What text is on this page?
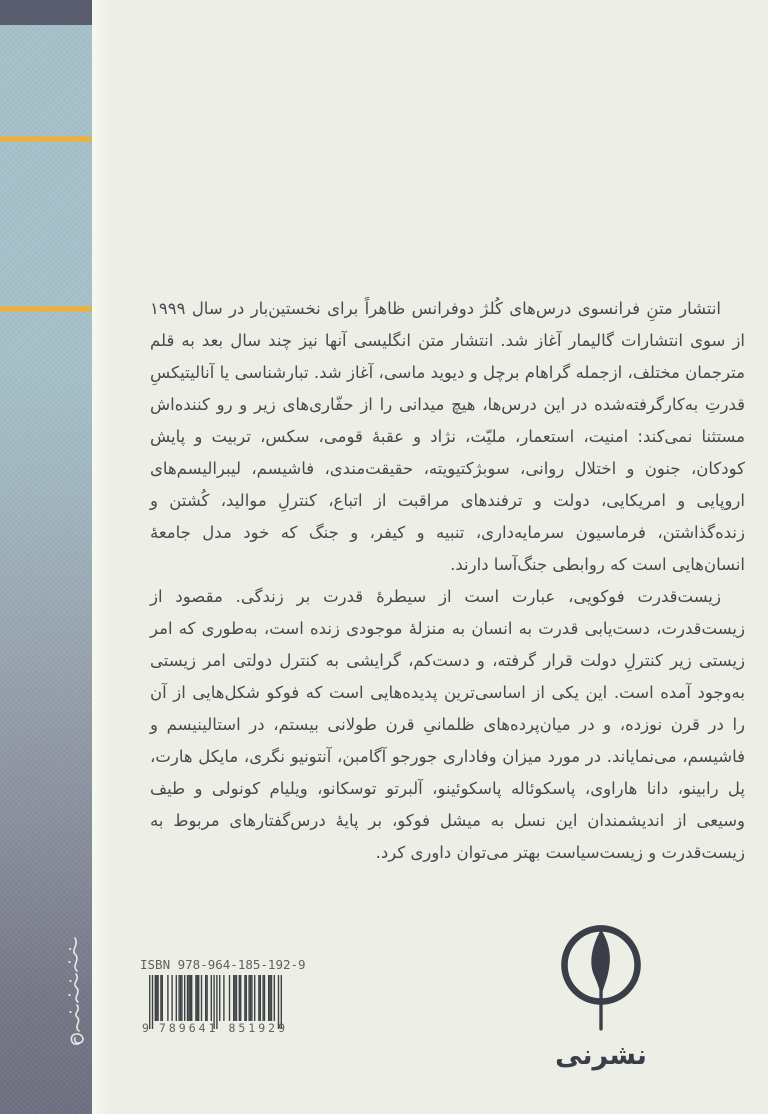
انتشار متنِ فرانسوی درس‌های کُلژ دوفرانس ظاهراً برای نخستین‌بار در سال ۱۹۹۹ از سوی انتشارات گالیمار آغاز شد. انتشار متن انگلیسی آنها نیز چند سال بعد به قلم مترجمان مختلف، ازجمله گراهام برچل و دیوید ماسی، آغاز شد. تبارشناسی یا آنالیتیکسِ قدرتِ به‌کارگرفته‌شده در این درس‌ها، هیچ میدانی را از حفّاری‌های زیر و رو کننده‌اش مستثنا نمی‌کند: امنیت، استعمار، ملیّت، نژاد و عقبهٔ قومی، سکس، تربیت و پایش کودکان، جنون و اختلال روانی، سوبژکتیویته، حقیقت‌مندی، فاشیسم، لیبرالیسم‌های اروپایی و امریکایی، دولت و ترفندهای مراقبت از اتباع، کنترلِ موالید، کُشتن و زنده‌گذاشتن، فرماسیون سرمایه‌داری، تنبیه و کیفر، و جنگ که خود مدل جامعهٔ انسان‌هایی است که روابطی جنگ‌آسا دارند.

زیست‌قدرت فوکویی، عبارت است از سیطرهٔ قدرت بر زندگی. مقصود از زیست‌قدرت، دست‌یابی قدرت به انسان به منزلهٔ موجودی زنده است، به‌طوری که امر زیستی زیر کنترلِ دولت قرار گرفته، و دست‌کم، گرایشی به کنترل دولتی امر زیستی به‌وجود آمده است. این یکی از اساسی‌ترین پدیده‌هایی است که فوکو شکل‌هایی از آن را در قرن نوزده، و در میان‌پرده‌های ظلمانیِ قرن طولانی بیستم، در استالینیسم و فاشیسم، می‌نمایاند. در مورد میزان وفاداری جورجو آگامبن، آنتونیو نگری، مایکل هارت، پل رابینو، دانا هاراوی، پاسکوئاله پاسکوئینو، آلبرتو توسکانو، ویلیام کونولی و طیف وسیعی از اندیشمندان این نسل به میشل فوکو، بر پایهٔ درس‌گفتارهای مربوط به زیست‌قدرت و زیست‌سیاست بهتر می‌توان داوری کرد.

ISBN 978-964-185-192-9
9 789641 851929
نشرنی
